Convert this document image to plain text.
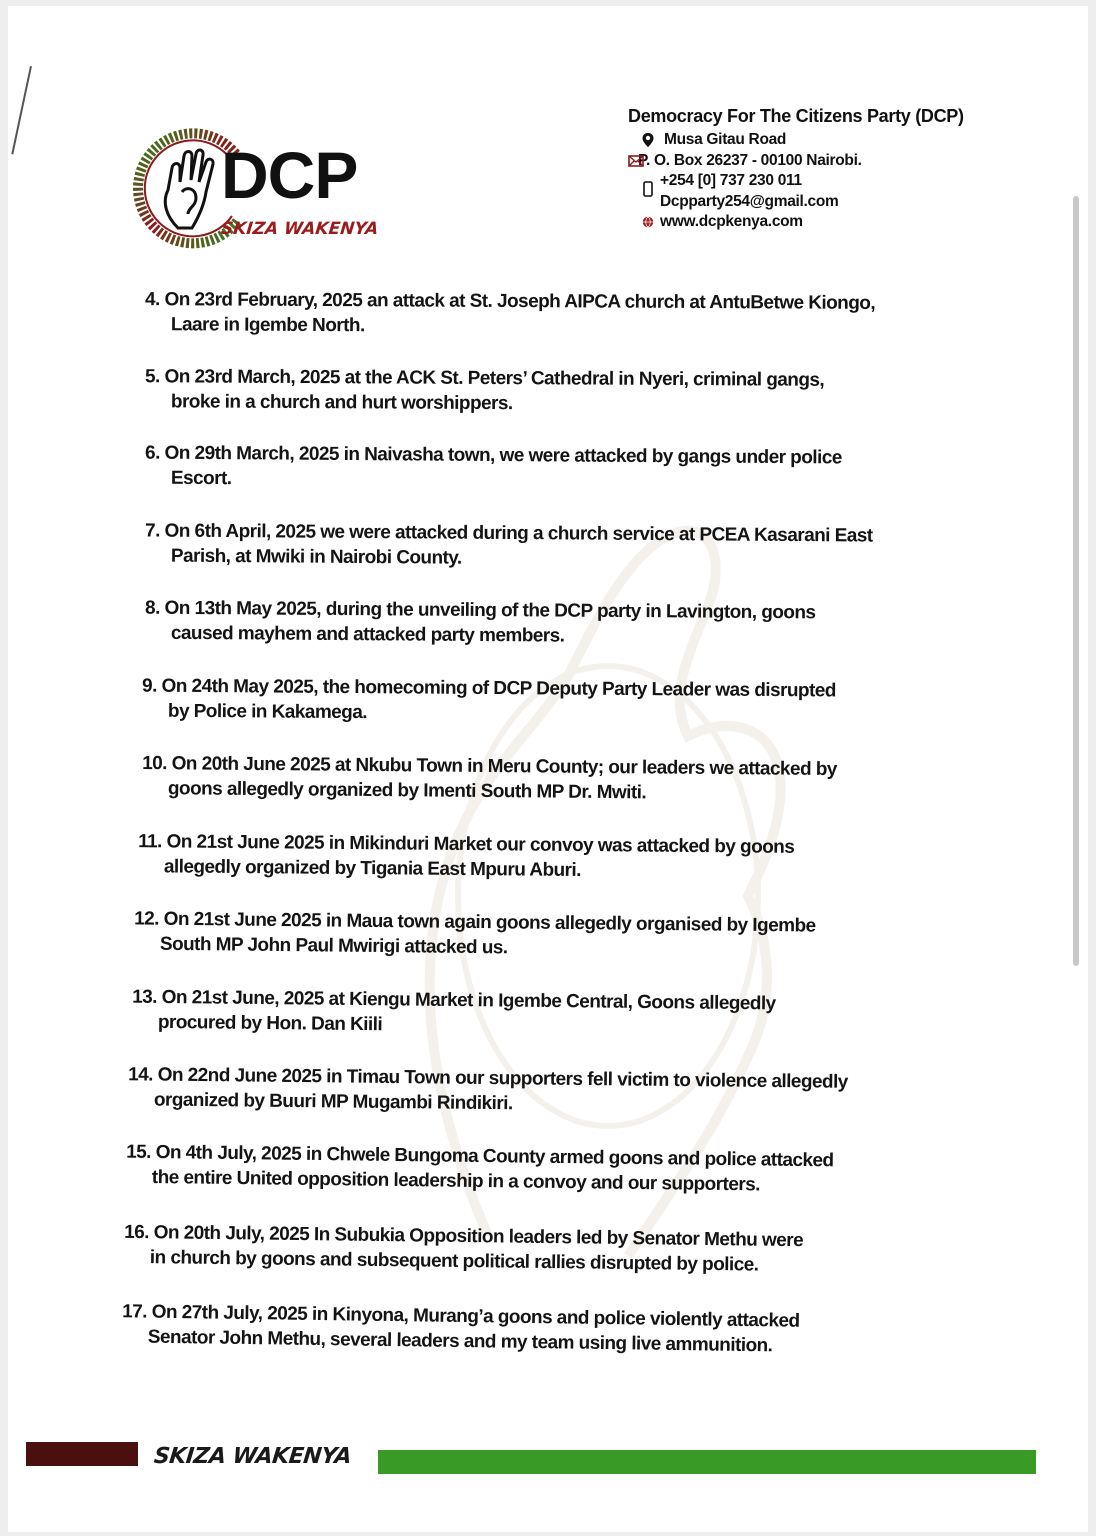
DCP
SKIZA WAKENYA
Democracy For The Citizens Party (DCP)
Musa Gitau Road
P. O. Box 26237 - 00100 Nairobi.
+254 [0] 737 230 011
Dcpparty254@gmail.com
www.dcpkenya.com
4. On 23rd February, 2025 an attack at St. Joseph AIPCA church at AntuBetwe Kiongo,
Laare in Igembe North.
5. On 23rd March, 2025 at the ACK St. Peters’ Cathedral in Nyeri, criminal gangs,
broke in a church and hurt worshippers.
6. On 29th March, 2025 in Naivasha town, we were attacked by gangs under police
Escort.
7. On 6th April, 2025 we were attacked during a church service at PCEA Kasarani East
Parish, at Mwiki in Nairobi County.
8. On 13th May 2025, during the unveiling of the DCP party in Lavington, goons
caused mayhem and attacked party members.
9. On 24th May 2025, the homecoming of DCP Deputy Party Leader was disrupted
by Police in Kakamega.
10. On 20th June 2025 at Nkubu Town in Meru County; our leaders we attacked by
goons allegedly organized by Imenti South MP Dr. Mwiti.
11. On 21st June 2025 in Mikinduri Market our convoy was attacked by goons
allegedly organized by Tigania East Mpuru Aburi.
12. On 21st June 2025 in Maua town again goons allegedly organised by Igembe
South MP John Paul Mwirigi attacked us.
13. On 21st June, 2025 at Kiengu Market in Igembe Central, Goons allegedly
procured by Hon. Dan Kiili
14. On 22nd June 2025 in Timau Town our supporters fell victim to violence allegedly
organized by Buuri MP Mugambi Rindikiri.
15. On 4th July, 2025 in Chwele Bungoma County armed goons and police attacked
the entire United opposition leadership in a convoy and our supporters.
16. On 20th July, 2025 In Subukia Opposition leaders led by Senator Methu were
in church by goons and subsequent political rallies disrupted by police.
17. On 27th July, 2025 in Kinyona, Murang’a goons and police violently attacked
Senator John Methu, several leaders and my team using live ammunition.
SKIZA WAKENYA
